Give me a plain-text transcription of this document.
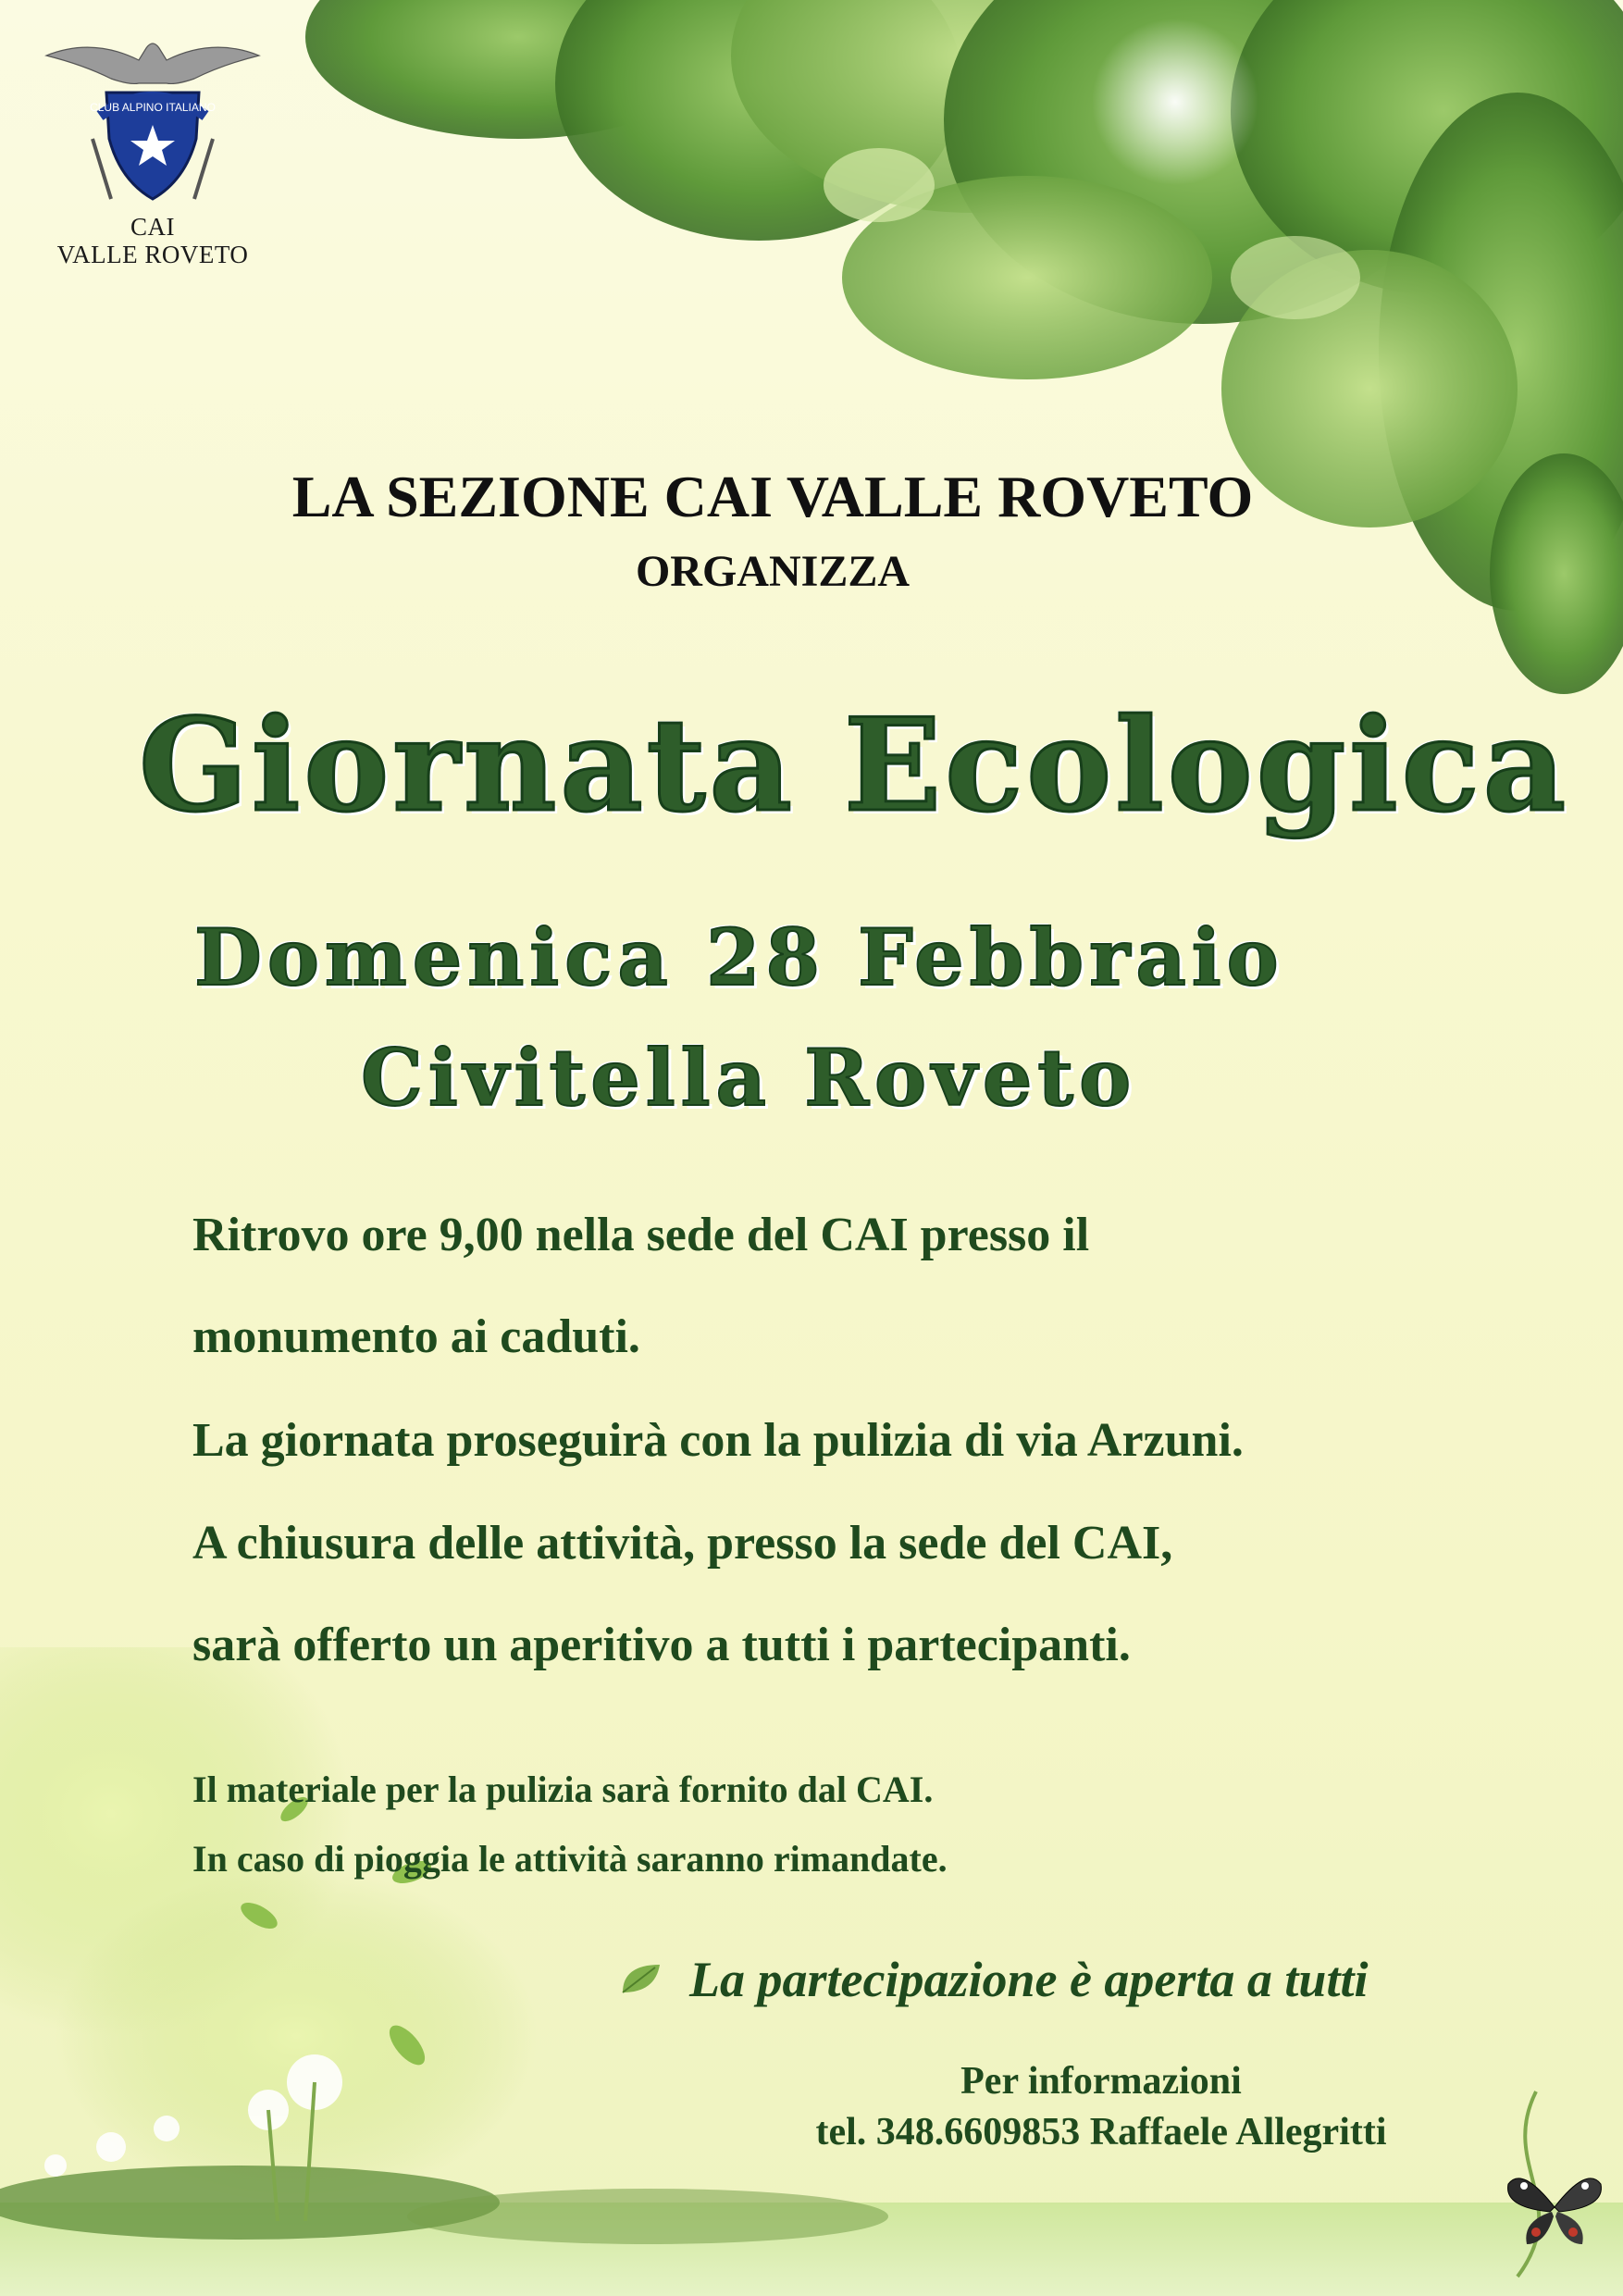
CLUB ALPINO ITALIANO
CAI
VALLE ROVETO
LA SEZIONE CAI VALLE ROVETO
ORGANIZZA
Giornata Ecologica
Domenica 28 Febbraio
Civitella Roveto
Ritrovo ore 9,00 nella sede del CAI presso il
monumento ai caduti.
La giornata proseguirà con la pulizia di via Arzuni.
A chiusura delle attività, presso la sede del CAI,
sarà offerto un aperitivo a tutti i partecipanti.
Il materiale per la pulizia sarà fornito dal CAI.
In caso di pioggia le attività saranno rimandate.
La partecipazione è aperta a tutti
Per informazioni
tel. 348.6609853 Raffaele Allegritti
